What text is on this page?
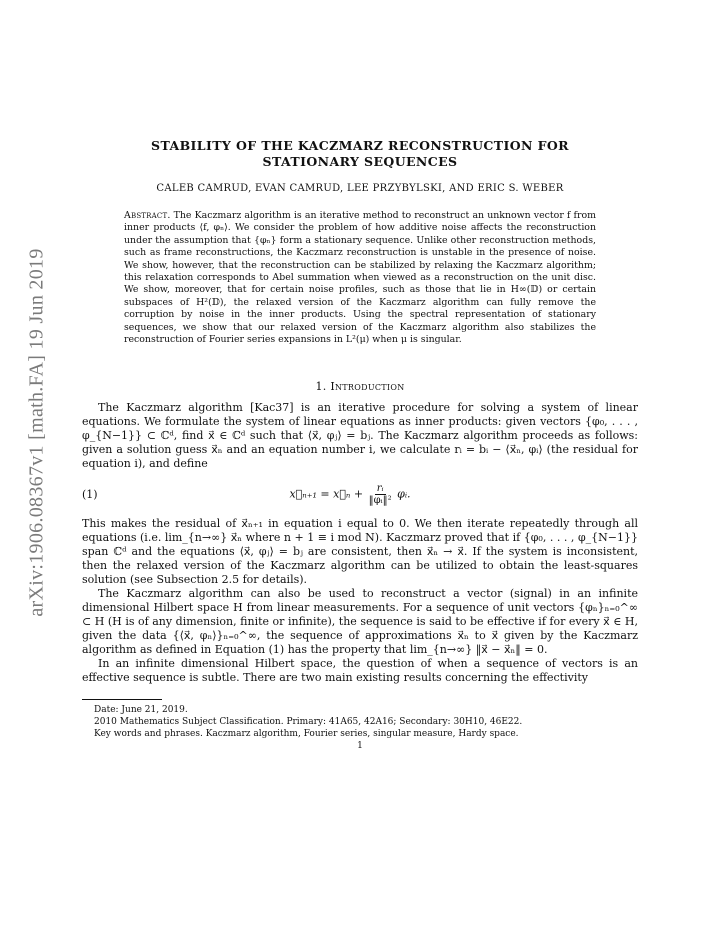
arXiv:1906.08367v1 [math.FA] 19 Jun 2019
STABILITY OF THE KACZMARZ RECONSTRUCTION FOR
STATIONARY SEQUENCES
CALEB CAMRUD, EVAN CAMRUD, LEE PRZYBYLSKI, AND ERIC S. WEBER
Abstract. The Kaczmarz algorithm is an iterative method to reconstruct an unknown vector f from inner products ⟨f, φₙ⟩. We consider the problem of how additive noise affects the reconstruction under the assumption that {φₙ} form a stationary sequence. Unlike other reconstruction methods, such as frame reconstructions, the Kaczmarz reconstruction is unstable in the presence of noise. We show, however, that the reconstruction can be stabilized by relaxing the Kaczmarz algorithm; this relaxation corresponds to Abel summation when viewed as a reconstruction on the unit disc. We show, moreover, that for certain noise profiles, such as those that lie in H∞(𝔻) or certain subspaces of H²(𝔻), the relaxed version of the Kaczmarz algorithm can fully remove the corruption by noise in the inner products. Using the spectral representation of stationary sequences, we show that our relaxed version of the Kaczmarz algorithm also stabilizes the reconstruction of Fourier series expansions in L²(μ) when μ is singular.
1. Introduction

The Kaczmarz algorithm [Kac37] is an iterative procedure for solving a system of linear equations. We formulate the system of linear equations as inner products: given vectors {φ₀, . . . , φ_{N−1}} ⊂ ℂᵈ, find x⃗ ∈ ℂᵈ such that ⟨x⃗, φⱼ⟩ = bⱼ. The Kaczmarz algorithm proceeds as follows: given a solution guess x⃗ₙ and an equation number i, we calculate rᵢ = bᵢ − ⟨x⃗ₙ, φᵢ⟩ (the residual for equation i), and define

(1)	x⃗ₙ₊₁ = x⃗ₙ + $\frac{\text{rᵢ}}{\text{‖φᵢ‖²}}$ φᵢ.

This makes the residual of x⃗ₙ₊₁ in equation i equal to 0. We then iterate repeatedly through all equations (i.e. lim_{n→∞} x⃗ₙ where n + 1 ≡ i mod N). Kaczmarz proved that if {φ₀, . . . , φ_{N−1}} span ℂᵈ and the equations ⟨x⃗, φⱼ⟩ = bⱼ are consistent, then x⃗ₙ → x⃗. If the system is inconsistent, then the relaxed version of the Kaczmarz algorithm can be utilized to obtain the least-squares solution (see Subsection 2.5 for details).

The Kaczmarz algorithm can also be used to reconstruct a vector (signal) in an infinite dimensional Hilbert space H from linear measurements. For a sequence of unit vectors {φₙ}ₙ₌₀^∞ ⊂ H (H is of any dimension, finite or infinite), the sequence is said to be effective if for every x⃗ ∈ H, given the data {⟨x⃗, φₙ⟩}ₙ₌₀^∞, the sequence of approximations x⃗ₙ to x⃗ given by the Kaczmarz algorithm as defined in Equation (1) has the property that lim_{n→∞} ‖x⃗ − x⃗ₙ‖ = 0.

In an infinite dimensional Hilbert space, the question of when a sequence of vectors is an effective sequence is subtle. There are two main existing results concerning the effectivity

Date: June 21, 2019.
2010 Mathematics Subject Classification. Primary: 41A65, 42A16; Secondary: 30H10, 46E22.
Key words and phrases. Kaczmarz algorithm, Fourier series, singular measure, Hardy space.
1
